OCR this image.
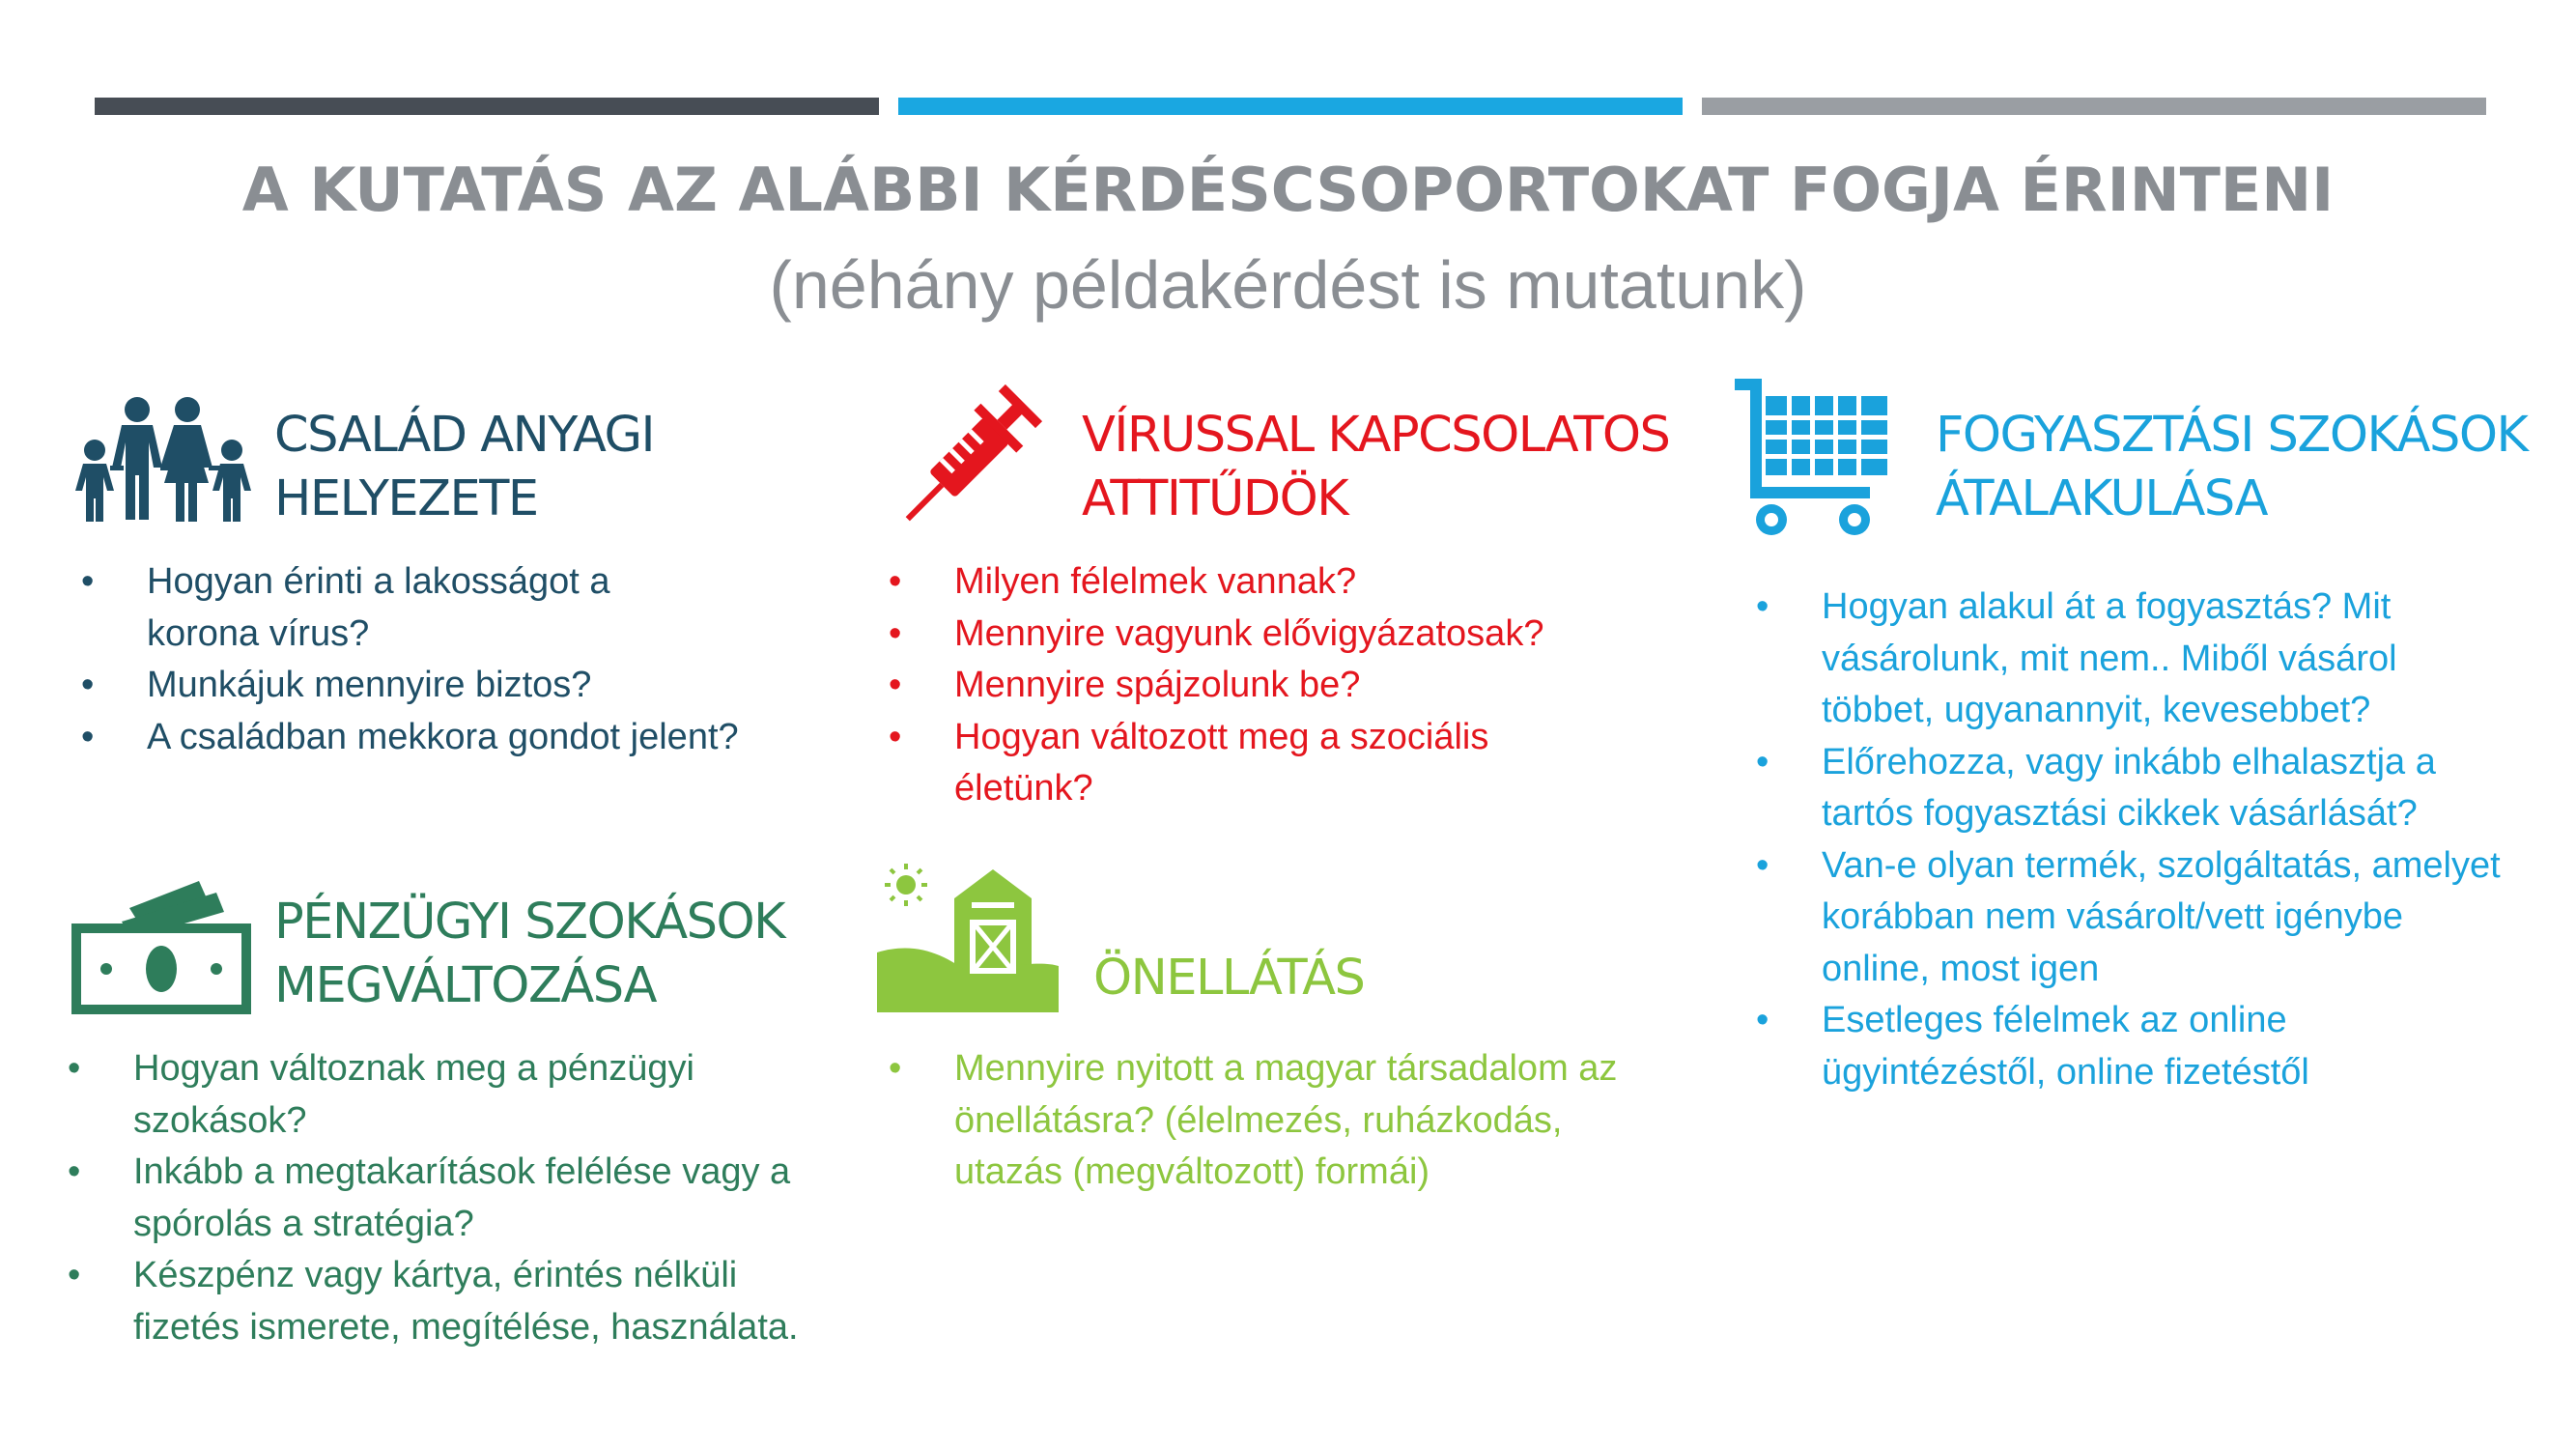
A KUTATÁS AZ ALÁBBI KÉRDÉSCSOPORTOKAT FOGJA ÉRINTENI
(néhány példakérdést is mutatunk)
CSALÁD ANYAGI
HELYEZETE
• Hogyan érinti a lakosságot a korona vírus?
• Munkájuk mennyire biztos?
• A családban mekkora gondot jelent?
VÍRUSSAL KAPCSOLATOS
ATTITŰDÖK
• Milyen félelmek vannak?
• Mennyire vagyunk elővigyázatosak?
• Mennyire spájzolunk be?
• Hogyan változott meg a szociális életünk?
FOGYASZTÁSI SZOKÁSOK
ÁTALAKULÁSA
• Hogyan alakul át a fogyasztás? Mit vásárolunk, mit nem.. Miből vásárol többet, ugyanannyit, kevesebbet?
• Előrehozza, vagy inkább elhalasztja a tartós fogyasztási cikkek vásárlását?
• Van-e olyan termék, szolgáltatás, amelyet korábban nem vásárolt/vett igénybe online, most igen
• Esetleges félelmek az online ügyintézéstől, online fizetéstől
PÉNZÜGYI SZOKÁSOK
MEGVÁLTOZÁSA
• Hogyan változnak meg a pénzügyi szokások?
• Inkább a megtakarítások felélése vagy a spórolás a stratégia?
• Készpénz vagy kártya, érintés nélküli fizetés ismerete, megítélése, használata.
ÖNELLÁTÁS
• Mennyire nyitott a magyar társadalom az önellátásra? (élelmezés, ruházkodás, utazás (megváltozott) formái)
